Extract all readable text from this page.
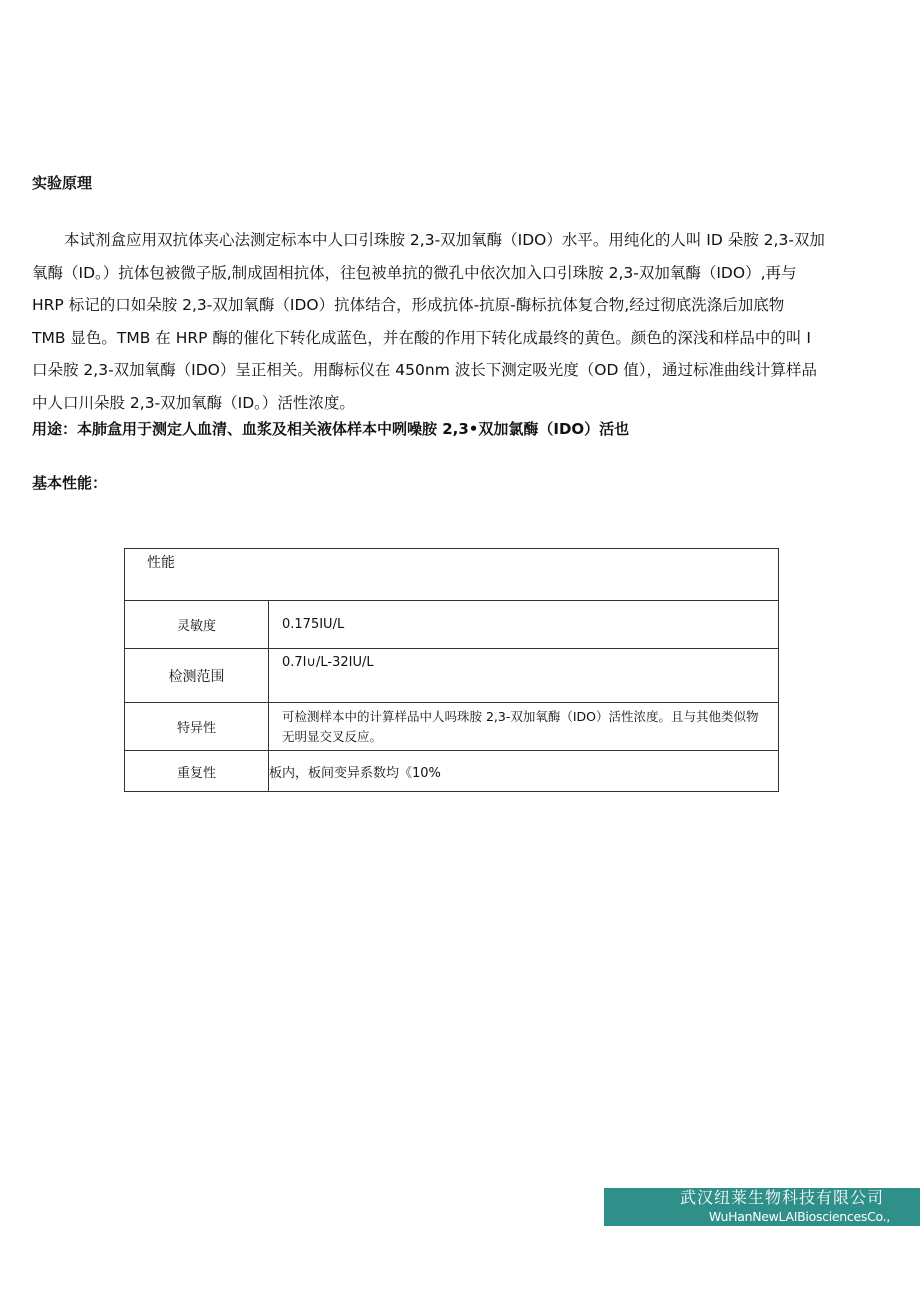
实验原理
本试剂盒应用双抗体夹心法测定标本中人口引珠胺 2,3-双加氧酶（IDO）水平。用纯化的人叫 ID 朵胺 2,3-双加
氧酶（ID。）抗体包被微子版,制成固相抗体，往包被单抗的微孔中依次加入口引珠胺 2,3-双加氧酶（IDO）,再与
HRP 标记的口如朵胺 2,3-双加氧酶（IDO）抗体结合，形成抗体-抗原-酶标抗体复合物,经过彻底洗涤后加底物
TMB 显色。TMB 在 HRP 酶的催化下转化成蓝色，并在酸的作用下转化成最终的黄色。颜色的深浅和样品中的叫 I
口朵胺 2,3-双加氧酶（IDO）呈正相关。用酶标仪在 450nm 波长下测定吸光度（OD 值），通过标准曲线计算样品
中人口川朵股 2,3-双加氧酶（ID。）活性浓度。
用途：本肺盒用于测定人血清、血浆及相关液体样本中咧噪胺 2,3•双加氯酶（IDO）活也
基本性能：
性能	
灵敏度	0.175IU/L
检测范围	0.7I∪/L-32IU/L
特异性	可检测样本中的计算样品中人吗珠胺 2,3-双加氧酶（IDO）活性浓度。且与其他类似物
无明显交叉反应。

重复性	板内，板间变异系数均《10%
武汉纽莱生物科技有限公司
WuHanNewLAIBiosciencesCo.,
